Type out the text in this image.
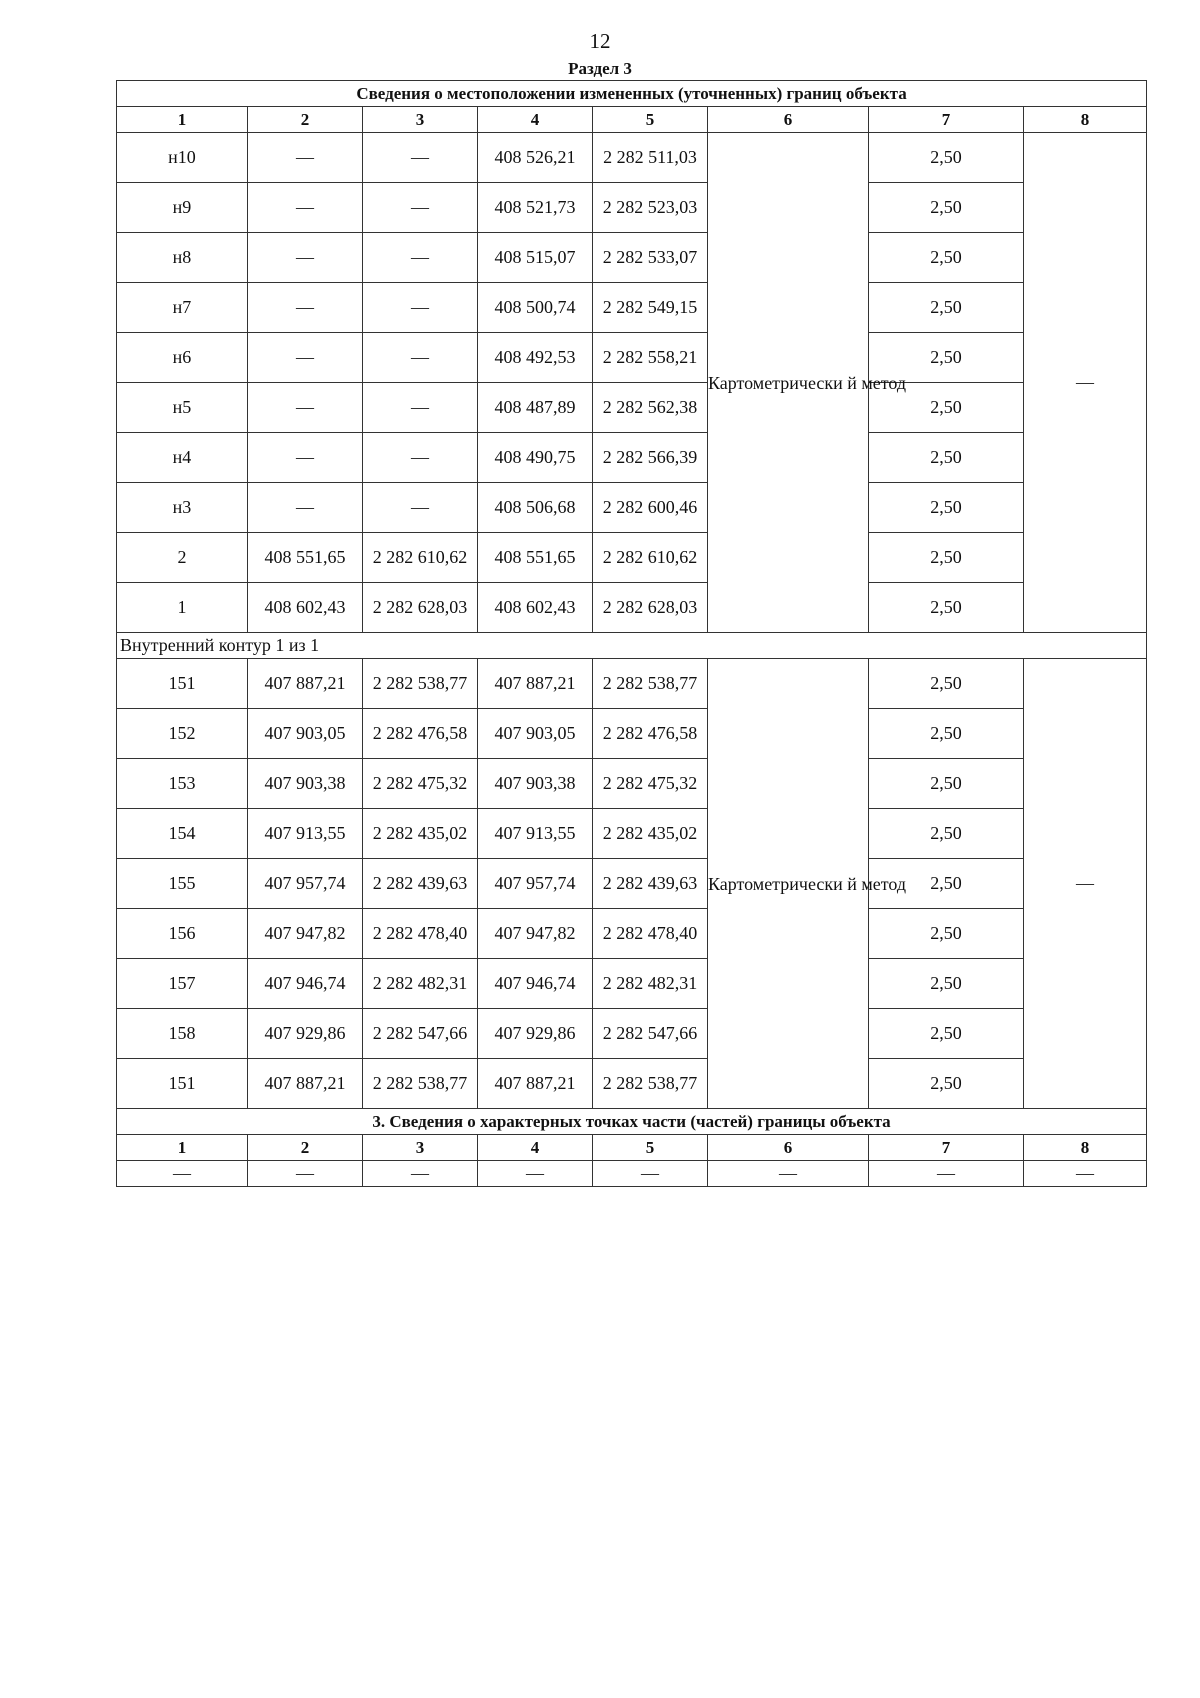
12
Раздел 3
Сведения о местоположении измененных (уточненных) границ объекта							
1	2	3	4	5	6	7	8
н10	—	—	408 526,21	2 282 511,03	Картометрически й метод	2,50	—
н9	—	—	408 521,73	2 282 523,03		2,50	
н8	—	—	408 515,07	2 282 533,07		2,50	
н7	—	—	408 500,74	2 282 549,15		2,50	
н6	—	—	408 492,53	2 282 558,21		2,50	
н5	—	—	408 487,89	2 282 562,38		2,50	
н4	—	—	408 490,75	2 282 566,39		2,50	
н3	—	—	408 506,68	2 282 600,46		2,50	
2	408 551,65	2 282 610,62	408 551,65	2 282 610,62		2,50	
1	408 602,43	2 282 628,03	408 602,43	2 282 628,03		2,50	
Внутренний контур 1 из 1							
151	407 887,21	2 282 538,77	407 887,21	2 282 538,77	Картометрически й метод	2,50	—
152	407 903,05	2 282 476,58	407 903,05	2 282 476,58		2,50	
153	407 903,38	2 282 475,32	407 903,38	2 282 475,32		2,50	
154	407 913,55	2 282 435,02	407 913,55	2 282 435,02		2,50	
155	407 957,74	2 282 439,63	407 957,74	2 282 439,63		2,50	
156	407 947,82	2 282 478,40	407 947,82	2 282 478,40		2,50	
157	407 946,74	2 282 482,31	407 946,74	2 282 482,31		2,50	
158	407 929,86	2 282 547,66	407 929,86	2 282 547,66		2,50	
151	407 887,21	2 282 538,77	407 887,21	2 282 538,77		2,50	
3. Сведения о характерных точках части (частей) границы объекта							
1	2	3	4	5	6	7	8
—	—	—	—	—	—	—	—
